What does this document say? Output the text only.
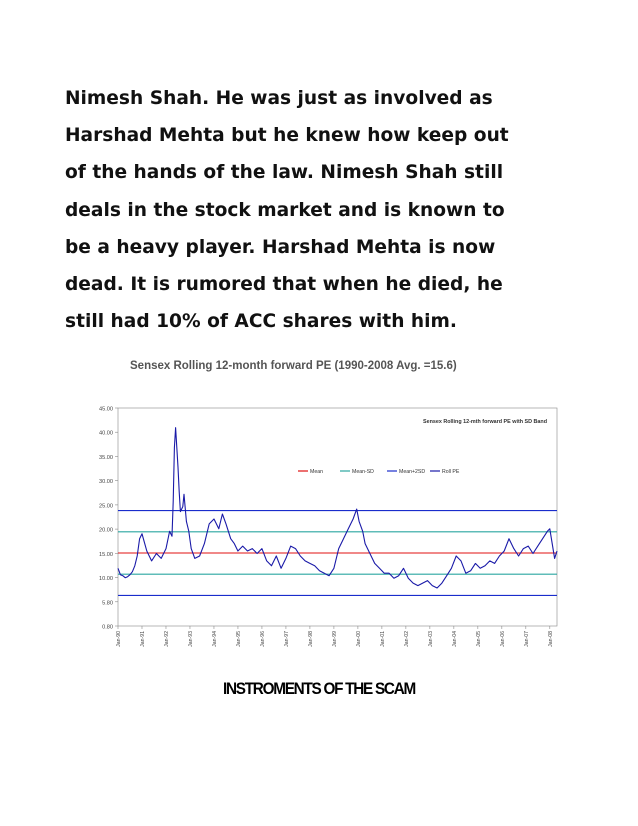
Nimesh Shah. He was just as involved as
Harshad Mehta but he knew how keep out
of the hands of the law. Nimesh Shah still
deals in the stock market and is known to
be a heavy player. Harshad Mehta is now
dead. It is rumored that when he died, he
still had 10% of ACC shares with him.
Sensex Rolling 12-month forward PE (1990-2008 Avg. =15.6)
45.00
40.00
35.00
30.00
25.00
20.00
15.00
10.00
5.80
0.80
Jan-90	Jan-91	Jan-92	Jan-93	Jan-94	Jan-95	Jan-96	Jan-97	Jan-98	Jan-99	Jan-00	Jan-01	Jan-02	Jan-03	Jan-04	Jan-05	Jan-06	Jan-07	Jan-08
Sensex Rolling 12-mth forward PE with SD Band
Mean	Mean-SD	Mean+2SD	Roll PE
INSTROMENTS OF THE SCAM
